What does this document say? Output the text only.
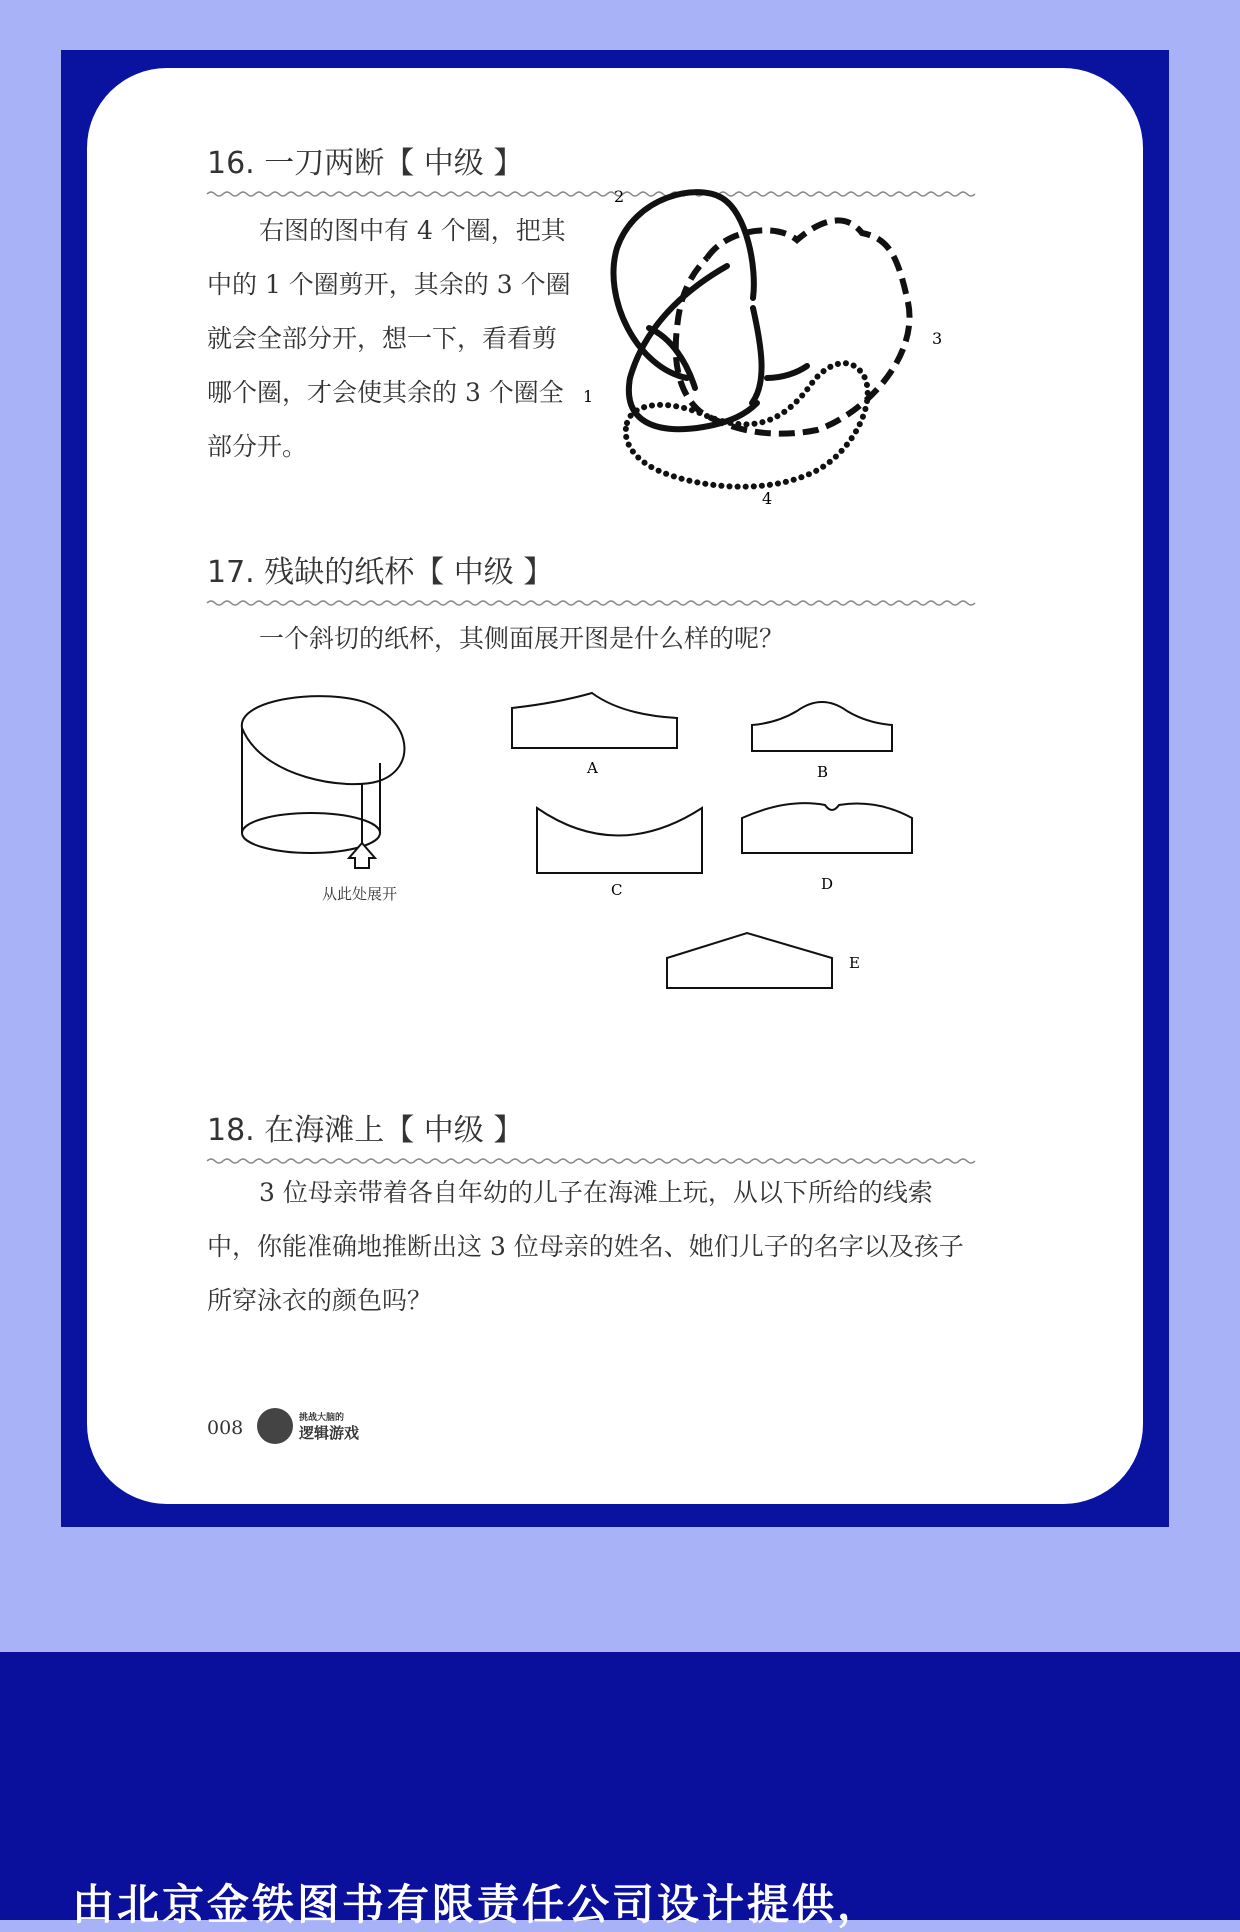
16. 一刀两断【 中级 】
右图的图中有 4 个圈，把其中的 1 个圈剪开，其余的 3 个圈就会全部分开，想一下，看看剪哪个圈，才会使其余的 3 个圈全部分开。
1
2
3
4
17. 残缺的纸杯【 中级 】
一个斜切的纸杯，其侧面展开图是什么样的呢？
从此处展开
A	B
C	D
E
18. 在海滩上【 中级 】
3 位母亲带着各自年幼的儿子在海滩上玩，从以下所给的线索中，你能准确地推断出这 3 位母亲的姓名、她们儿子的名字以及孩子所穿泳衣的颜色吗？
008	挑战大脑的
逻辑游戏
由北京金铁图书有限责任公司设计提供，
